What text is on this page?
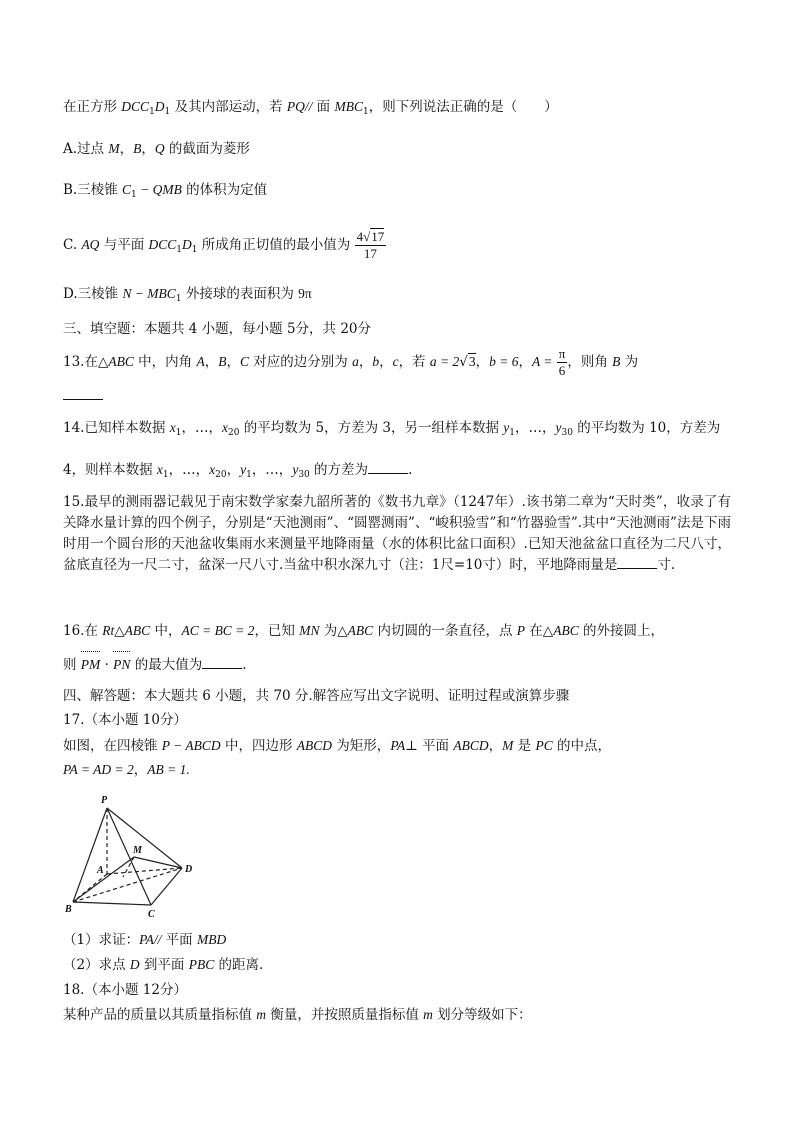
在正方形 $DCC_1D_1$ 及其内部运动，若 PQ// 面 $MBC_1$，则下列说法正确的是（　　）
A.过点 M，B，Q 的截面为菱形
B.三棱锥 $C_1$ − QMB 的体积为定值
C. AQ 与平面 $DCC_1D_1$ 所成角正切值的最小值为 $\frac{4√17}{17}$
D.三棱锥 $N - MBC_1$ 外接球的表面积为 9π
三、填空题：本题共 4 小题，每小题 5分，共 20分
13.在△ABC 中，内角 A，B，C 对应的边分别为 a，b，c，若 a = 2√3，b = 6，$A = \frac{\pi}{6}$ ，则角 B 为
14.已知样本数据 $x_1$，…，$x_{20}$ 的平均数为 5，方差为 3，另一组样本数据 $y_1$，…，$y_{30}$ 的平均数为 10，方差为
4，则样本数据 $x_1$，…，$x_{20}$，$y_1$，…，$y_{30}$ 的方差为	.
15.最早的测雨器记载见于南宋数学家秦九韶所著的《数书九章》（1247年）.该书第二章为“天时类”，收录了有关降水量计算的四个例子，分别是“天池测雨”、“圆罂测雨”、“峻积验雪”和“竹器验雪”.其中“天池测雨”法是下雨时用一个圆台形的天池盆收集雨水来测量平地降雨量（水的体积比盆口面积）.已知天池盆盆口直径为二尺八寸，盆底直径为一尺二寸，盆深一尺八寸.当盆中积水深九寸（注：1尺=10寸）时，平地降雨量是	寸.
16.在 Rt△ABC 中，AC = BC = 2，已知 MN 为△ABC 内切圆的一条直径，点 P 在△ABC 的外接圆上，
则 PM · PN 的最大值为	.
四、解答题：本大题共 6 小题，共 70 分.解答应写出文字说明、证明过程或演算步骤
17.（本小题 10分）
如图，在四棱锥 P − ABCD 中，四边形 ABCD 为矩形，PA⊥ 平面 ABCD，M 是 PC 的中点，
PA = AD = 2，AB = 1.
P
A
M
D
B	C
（1）求证：PA// 平面 MBD
（2）求点 D 到平面 PBC 的距离.
18.（本小题 12分）
某种产品的质量以其质量指标值 m 衡量，并按照质量指标值 m 划分等级如下：
